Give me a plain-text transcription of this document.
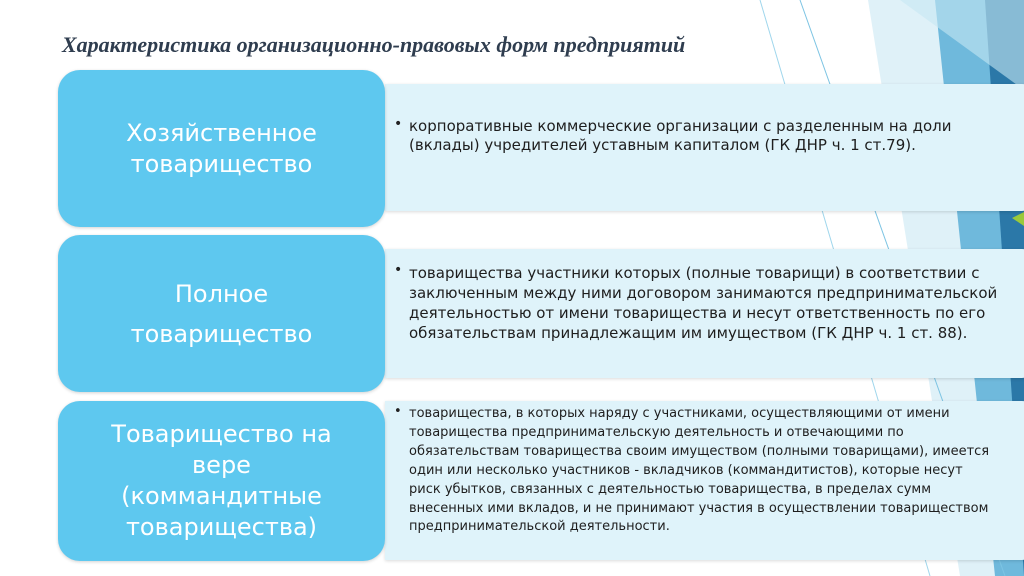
Характеристика организационно-правовых форм предприятий
• корпоративные коммерческие организации с разделенным на доли (вклады) учредителей уставным капиталом (ГК ДНР ч. 1 ст.79).
Хозяйственное
товарищество
• товарищества участники которых (полные товарищи) в соответствии с заключенным между ними договором занимаются предпринимательской деятельностью от имени товарищества и несут ответственность по его обязательствам принадлежащим им имуществом (ГК ДНР ч. 1 ст. 88).
Полное
товарищество
• товарищества, в которых наряду с участниками, осуществляющими от имени товарищества предпринимательскую деятельность и отвечающими по обязательствам товарищества своим имуществом (полными товарищами), имеется один или несколько участников - вкладчиков (коммандитистов), которые несут риск убытков, связанных с деятельностью товарищества, в пределах сумм внесенных ими вкладов, и не принимают участия в осуществлении товариществом предпринимательской деятельности.
Товарищество на
вере
(коммандитные
товарищества)
